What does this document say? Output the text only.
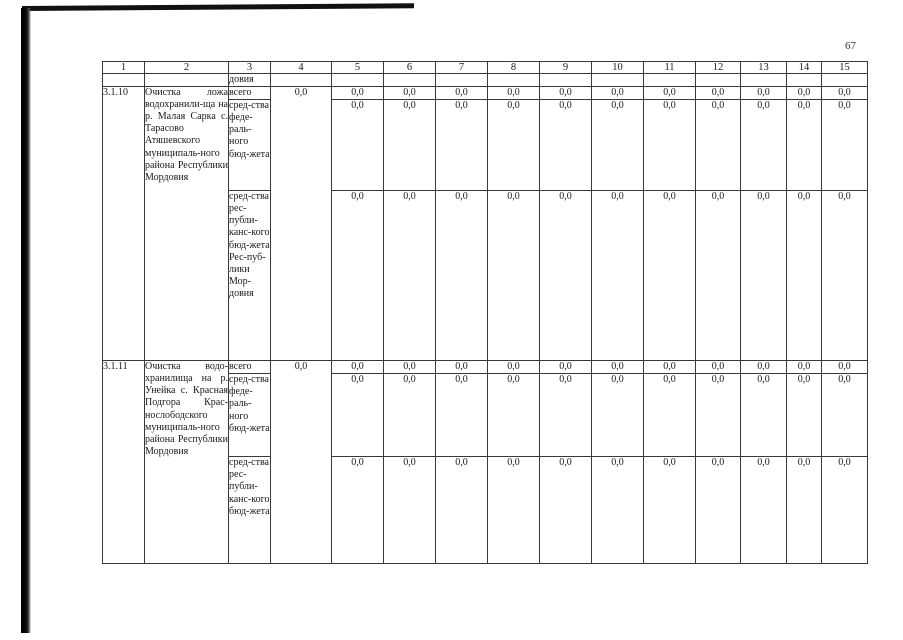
67
1	2	3	4	5	6	7	8	9	10	11	12	13	14	15
		довия												
3.1.10	Очистка ложа водохранили-ща на р. Малая Сарка с. Тарасово Атяшевского муниципаль-ного района Республики Мордовия	всего	0,0	0,0	0,0	0,0	0,0	0,0	0,0	0,0	0,0	0,0	0,0	0,0
		сред-ства феде-раль-ного бюд-жета		0,0	0,0	0,0	0,0	0,0	0,0	0,0	0,0	0,0	0,0	0,0
		сред-ства рес-публи-канс-кого бюд-жета Рес-пуб-лики Мор-довия		0,0	0,0	0,0	0,0	0,0	0,0	0,0	0,0	0,0	0,0	0,0
3.1.11	Очистка водо-хранилища на р. Унейка с. Красная Подгора Крас-нослободского муниципаль-ного района Республики Мордовия	всего	0,0	0,0	0,0	0,0	0,0	0,0	0,0	0,0	0,0	0,0	0,0	0,0
		сред-ства феде-раль-ного бюд-жета		0,0	0,0	0,0	0,0	0,0	0,0	0,0	0,0	0,0	0,0	0,0
		сред-ства рес-публи-канс-кого бюд-жета		0,0	0,0	0,0	0,0	0,0	0,0	0,0	0,0	0,0	0,0	0,0
